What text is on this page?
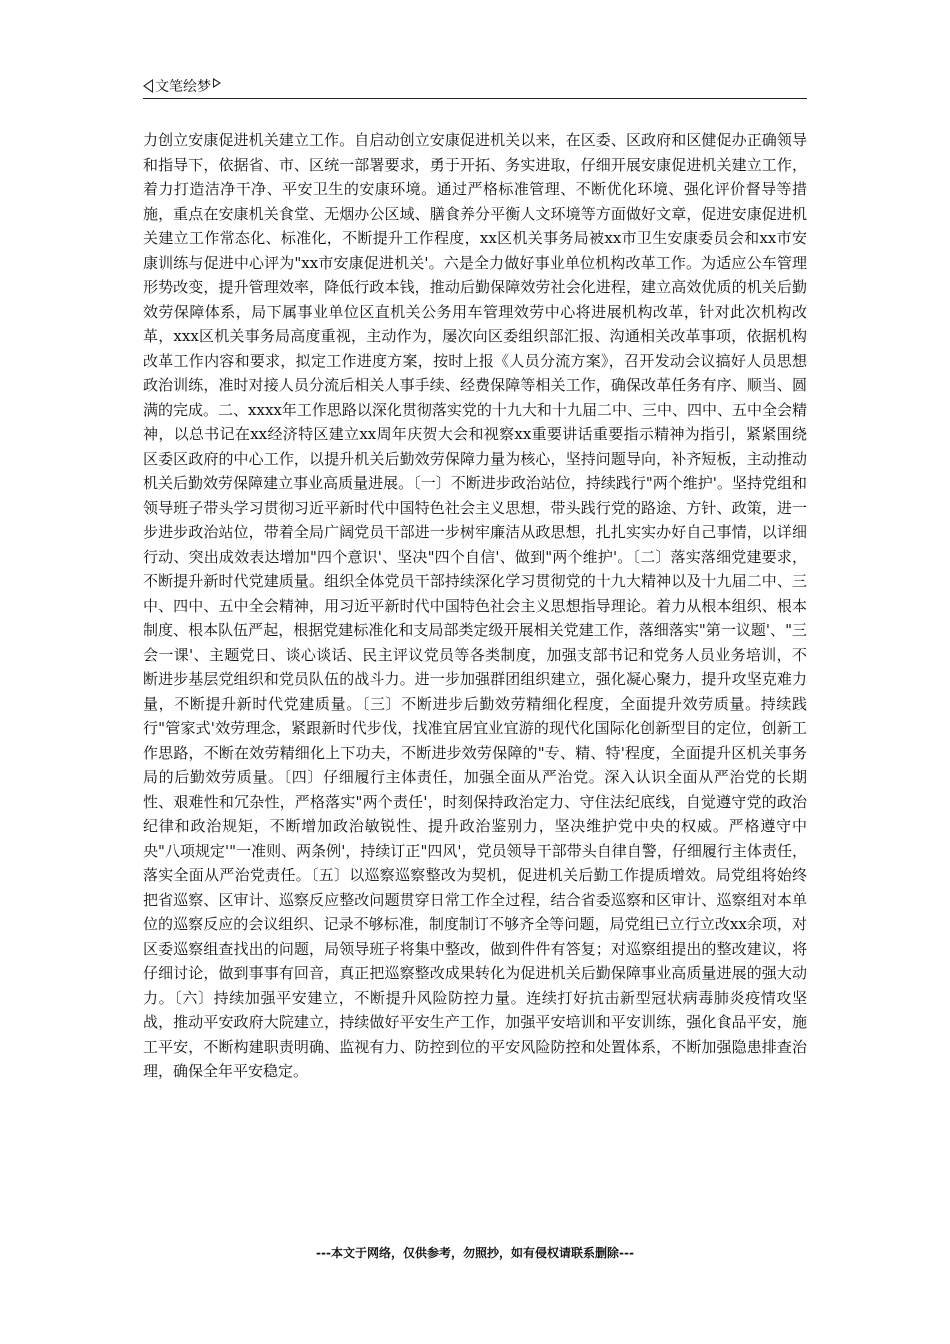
文笔绘梦

力创立安康促进机关建立工作。自启动创立安康促进机关以来，在区委、区政府和区健促办正确领导和指导下，依据省、市、区统一部署要求，勇于开拓、务实进取，仔细开展安康促进机关建立工作，着力打造洁净干净、平安卫生的安康环境。通过严格标准管理、不断优化环境、强化评价督导等措施，重点在安康机关食堂、无烟办公区域、膳食养分平衡人文环境等方面做好文章，促进安康促进机关建立工作常态化、标准化，不断提升工作程度，xx区机关事务局被xx市卫生安康委员会和xx市安康训练与促进中心评为"xx市安康促进机关'。六是全力做好事业单位机构改革工作。为适应公车管理形势改变，提升管理效率，降低行政本钱，推动后勤保障效劳社会化进程，建立高效优质的机关后勤效劳保障体系，局下属事业单位区直机关公务用车管理效劳中心将进展机构改革，针对此次机构改革，xxx区机关事务局高度重视，主动作为，屡次向区委组织部汇报、沟通相关改革事项，依据机构改革工作内容和要求，拟定工作进度方案，按时上报《人员分流方案》，召开发动会议搞好人员思想政治训练，准时对接人员分流后相关人事手续、经费保障等相关工作，确保改革任务有序、顺当、圆满的完成。二、xxxx年工作思路以深化贯彻落实党的十九大和十九届二中、三中、四中、五中全会精神，以总书记在xx经济特区建立xx周年庆贺大会和视察xx重要讲话重要指示精神为指引，紧紧围绕区委区政府的中心工作，以提升机关后勤效劳保障力量为核心，坚持问题导向，补齐短板，主动推动机关后勤效劳保障建立事业高质量进展。〔一〕不断进步政治站位，持续践行"两个维护'。坚持党组和领导班子带头学习贯彻习近平新时代中国特色社会主义思想，带头践行党的路途、方针、政策，进一步进步政治站位，带着全局广阔党员干部进一步树牢廉洁从政思想，扎扎实实办好自己事情，以详细行动、突出成效表达增加"四个意识'、坚决"四个自信'、做到"两个维护'。〔二〕落实落细党建要求，不断提升新时代党建质量。组织全体党员干部持续深化学习贯彻党的十九大精神以及十九届二中、三中、四中、五中全会精神，用习近平新时代中国特色社会主义思想指导理论。着力从根本组织、根本制度、根本队伍严起，根据党建标准化和支局部类定级开展相关党建工作，落细落实"第一议题'、"三会一课'、主题党日、谈心谈话、民主评议党员等各类制度，加强支部书记和党务人员业务培训，不断进步基层党组织和党员队伍的战斗力。进一步加强群团组织建立，强化凝心聚力，提升攻坚克难力量，不断提升新时代党建质量。〔三〕不断进步后勤效劳精细化程度，全面提升效劳质量。持续践行"管家式'效劳理念，紧跟新时代步伐，找准宜居宜业宜游的现代化国际化创新型目的定位，创新工作思路，不断在效劳精细化上下功夫，不断进步效劳保障的"专、精、特'程度，全面提升区机关事务局的后勤效劳质量。〔四〕仔细履行主体责任，加强全面从严治党。深入认识全面从严治党的长期性、艰难性和冗杂性，严格落实"两个责任'，时刻保持政治定力、守住法纪底线，自觉遵守党的政治纪律和政治规矩，不断增加政治敏锐性、提升政治鉴别力，坚决维护党中央的权威。严格遵守中央"八项规定'"一准则、两条例'，持续订正"四风'，党员领导干部带头自律自警，仔细履行主体责任，落实全面从严治党责任。〔五〕以巡察巡察整改为契机，促进机关后勤工作提质增效。局党组将始终把省巡察、区审计、巡察反应整改问题贯穿日常工作全过程，结合省委巡察和区审计、巡察组对本单位的巡察反应的会议组织、记录不够标准，制度制订不够齐全等问题，局党组已立行立改xx余项，对区委巡察组查找出的问题，局领导班子将集中整改，做到件件有答复；对巡察组提出的整改建议，将仔细讨论，做到事事有回音，真正把巡察整改成果转化为促进机关后勤保障事业高质量进展的强大动力。〔六〕持续加强平安建立，不断提升风险防控力量。连续打好抗击新型冠状病毒肺炎疫情攻坚战，推动平安政府大院建立，持续做好平安生产工作，加强平安培训和平安训练，强化食品平安，施工平安，不断构建职责明确、监视有力、防控到位的平安风险防控和处置体系，不断加强隐患排查治理，确保全年平安稳定。

---本文于网络，仅供参考，勿照抄，如有侵权请联系删除---
